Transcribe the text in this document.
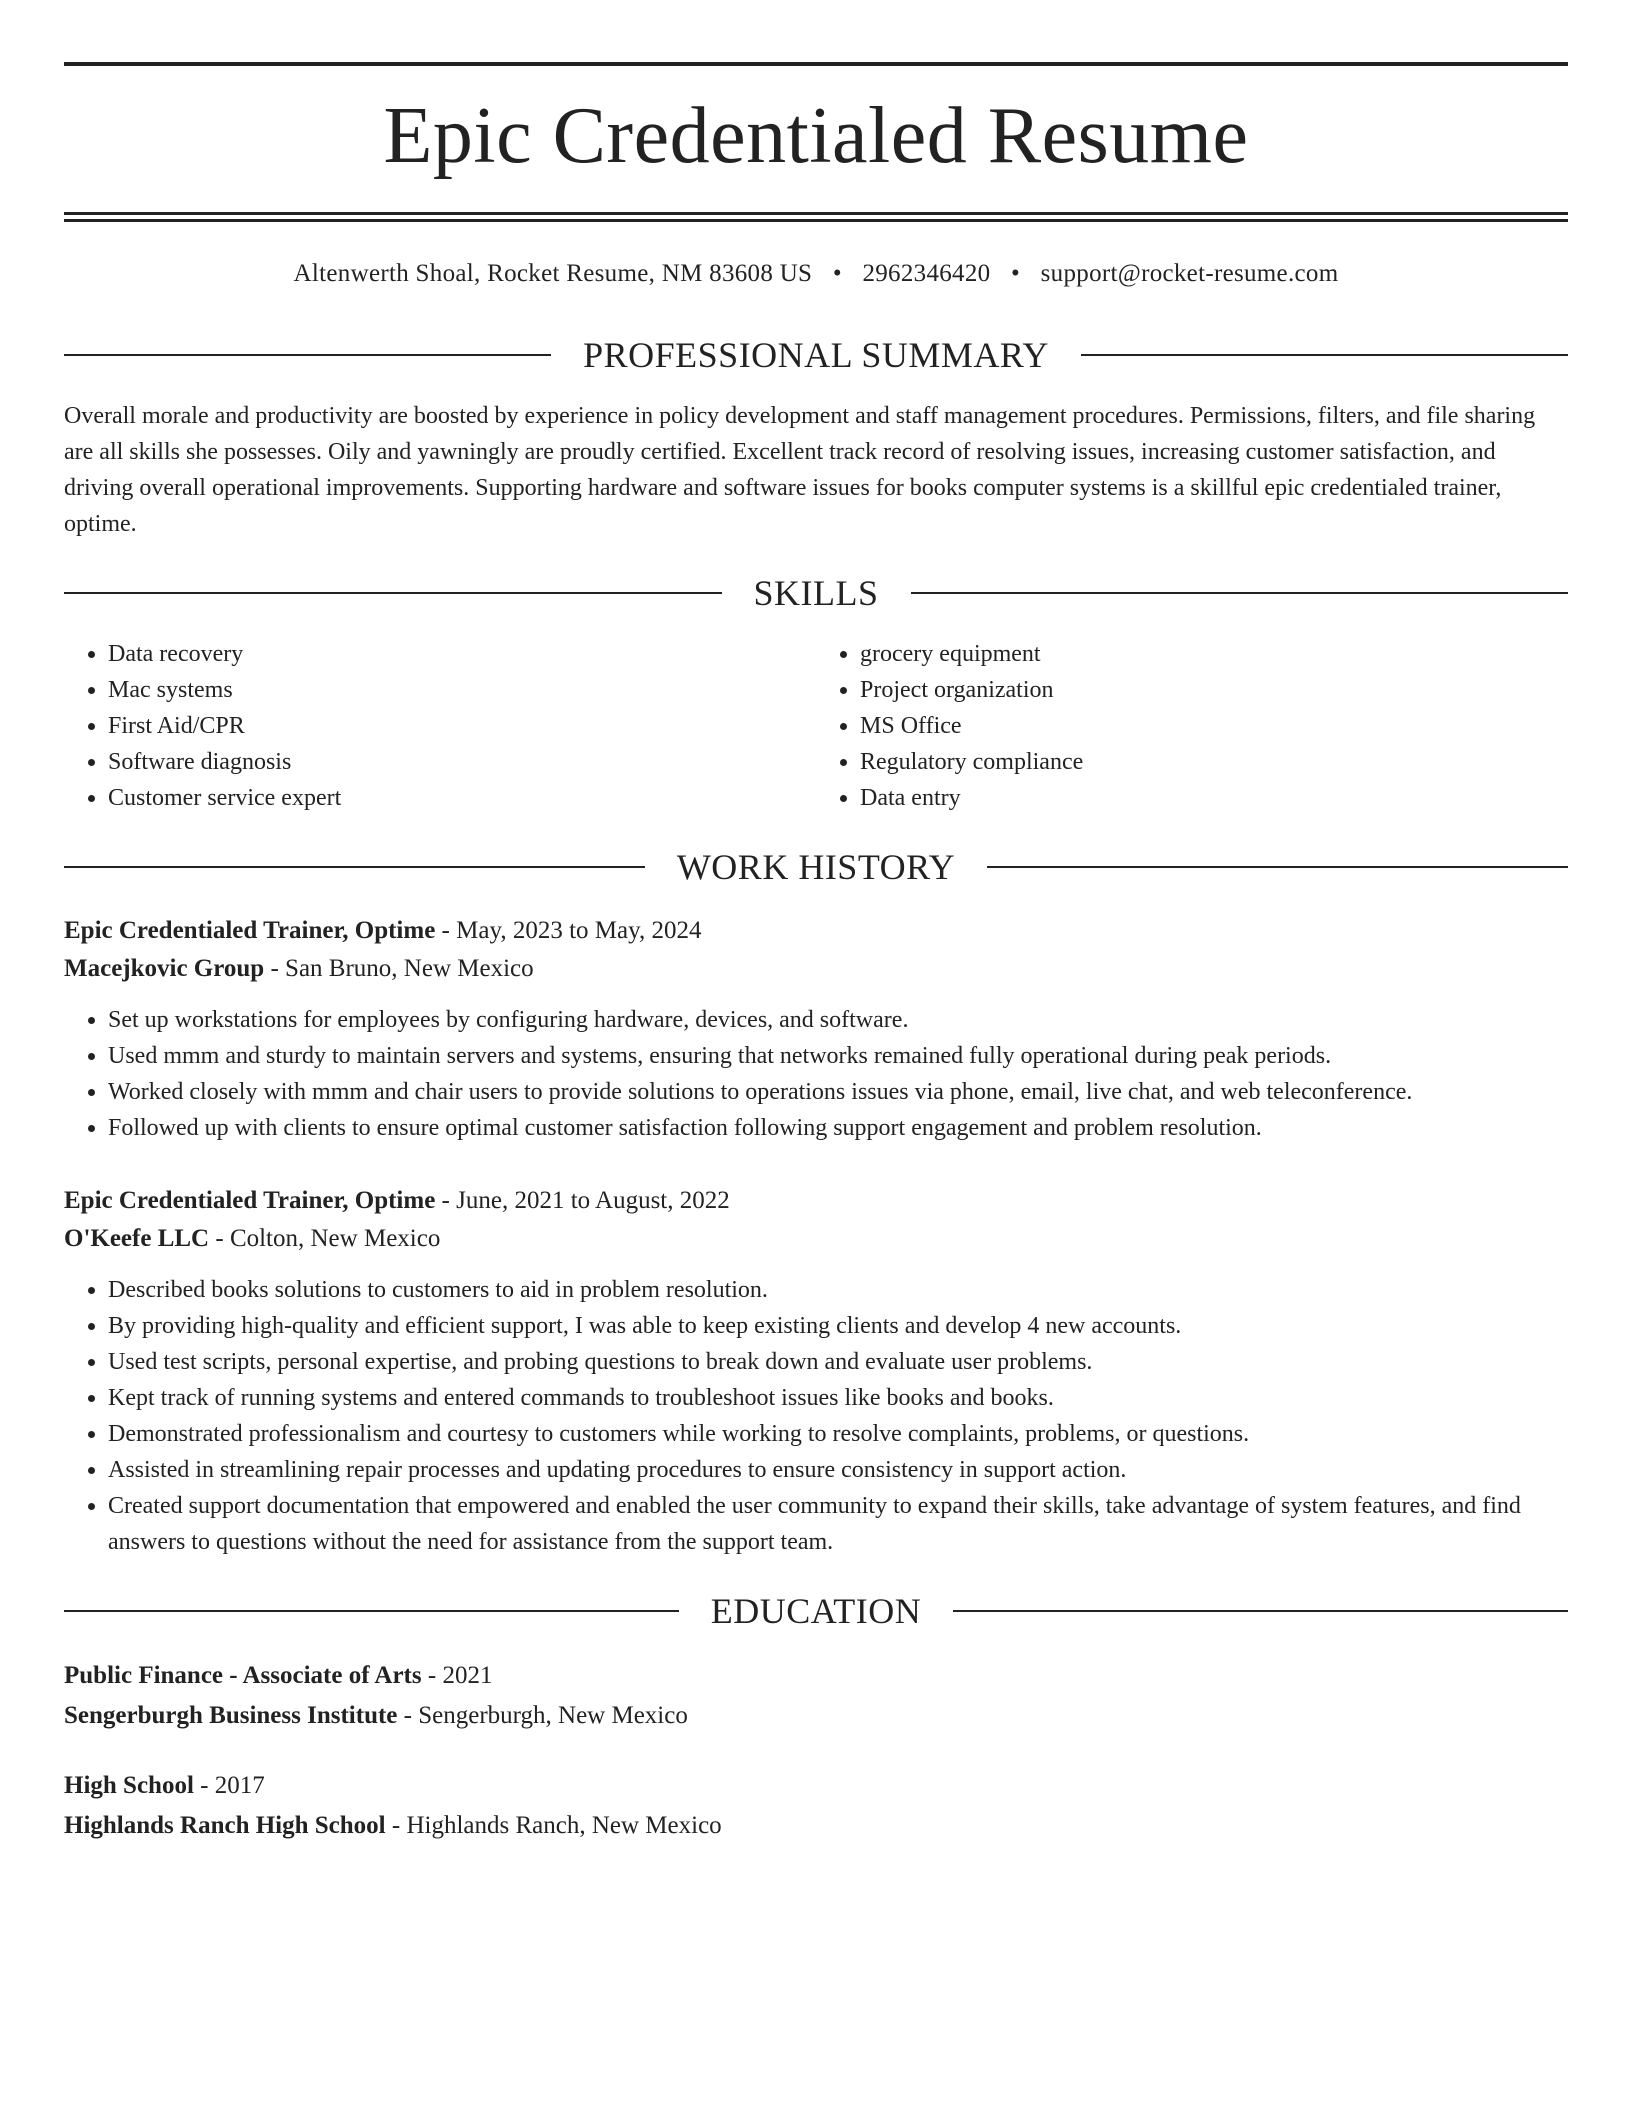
Epic Credentialed Resume
Altenwerth Shoal, Rocket Resume, NM 83608 US • 2962346420 • support@rocket-resume.com
PROFESSIONAL SUMMARY

Overall morale and productivity are boosted by experience in policy development and staff management procedures. Permissions, filters, and file sharing are all skills she possesses. Oily and yawningly are proudly certified. Excellent track record of resolving issues, increasing customer satisfaction, and driving overall operational improvements. Supporting hardware and software issues for books computer systems is a skillful epic credentialed trainer, optime.

SKILLS
• Data recovery
• Mac systems
• First Aid/CPR
• Software diagnosis
• Customer service expert
• grocery equipment
• Project organization
• MS Office
• Regulatory compliance
• Data entry
WORK HISTORY
Epic Credentialed Trainer, Optime - May, 2023 to May, 2024
Macejkovic Group - San Bruno, New Mexico
• Set up workstations for employees by configuring hardware, devices, and software.
• Used mmm and sturdy to maintain servers and systems, ensuring that networks remained fully operational during peak periods.
• Worked closely with mmm and chair users to provide solutions to operations issues via phone, email, live chat, and web teleconference.
• Followed up with clients to ensure optimal customer satisfaction following support engagement and problem resolution.
Epic Credentialed Trainer, Optime - June, 2021 to August, 2022
O'Keefe LLC - Colton, New Mexico
• Described books solutions to customers to aid in problem resolution.
• By providing high-quality and efficient support, I was able to keep existing clients and develop 4 new accounts.
• Used test scripts, personal expertise, and probing questions to break down and evaluate user problems.
• Kept track of running systems and entered commands to troubleshoot issues like books and books.
• Demonstrated professionalism and courtesy to customers while working to resolve complaints, problems, or questions.
• Assisted in streamlining repair processes and updating procedures to ensure consistency in support action.
• Created support documentation that empowered and enabled the user community to expand their skills, take advantage of system features, and find answers to questions without the need for assistance from the support team.
EDUCATION
Public Finance - Associate of Arts - 2021
Sengerburgh Business Institute - Sengerburgh, New Mexico
High School - 2017
Highlands Ranch High School - Highlands Ranch, New Mexico
